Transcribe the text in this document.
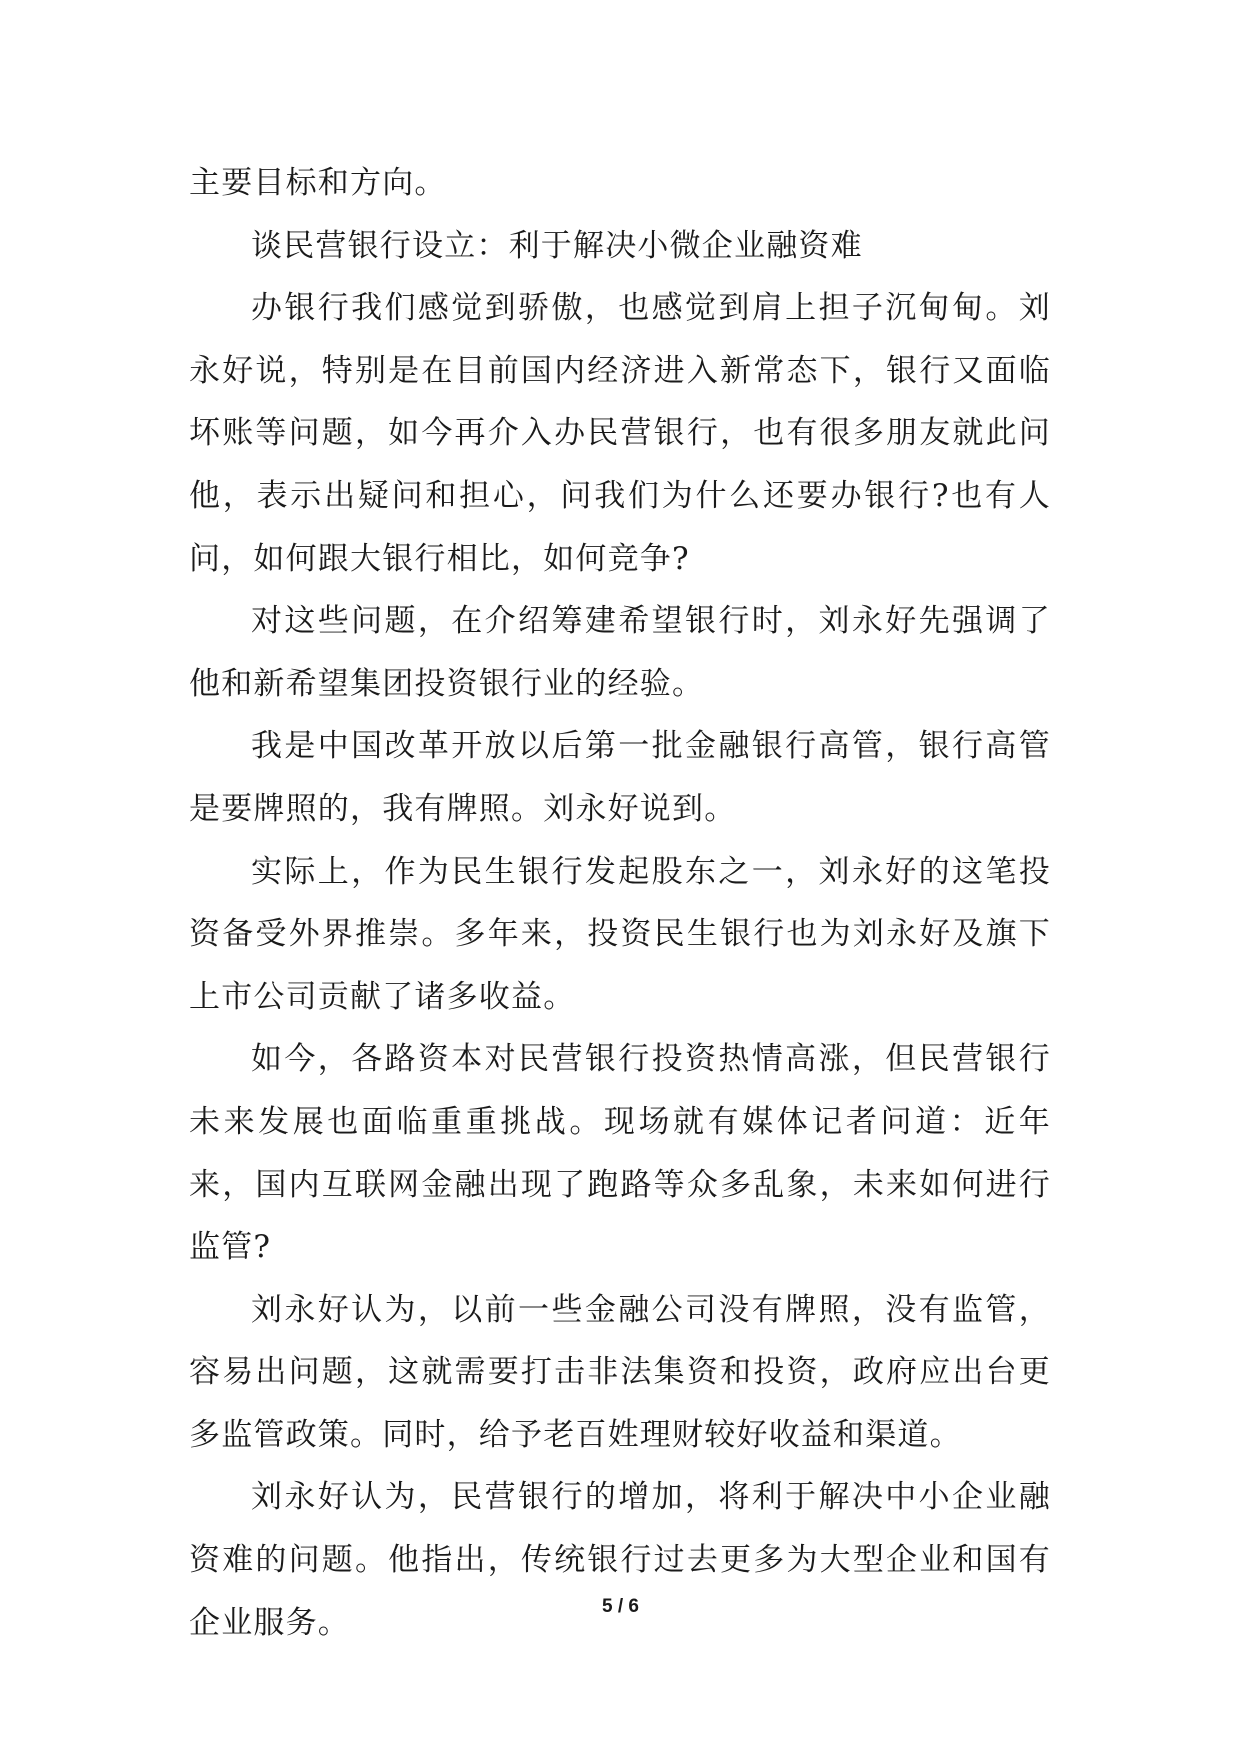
主要目标和方向。

谈民营银行设立：利于解决小微企业融资难

办银行我们感觉到骄傲，也感觉到肩上担子沉甸甸。刘永好说，特别是在目前国内经济进入新常态下，银行又面临坏账等问题，如今再介入办民营银行，也有很多朋友就此问他，表示出疑问和担心，问我们为什么还要办银行?也有人问，如何跟大银行相比，如何竞争?

对这些问题，在介绍筹建希望银行时，刘永好先强调了他和新希望集团投资银行业的经验。

我是中国改革开放以后第一批金融银行高管，银行高管是要牌照的，我有牌照。刘永好说到。

实际上，作为民生银行发起股东之一，刘永好的这笔投资备受外界推崇。多年来，投资民生银行也为刘永好及旗下上市公司贡献了诸多收益。

如今，各路资本对民营银行投资热情高涨，但民营银行未来发展也面临重重挑战。现场就有媒体记者问道：近年来，国内互联网金融出现了跑路等众多乱象，未来如何进行监管?

刘永好认为，以前一些金融公司没有牌照，没有监管，容易出问题，这就需要打击非法集资和投资，政府应出台更多监管政策。同时，给予老百姓理财较好收益和渠道。

刘永好认为，民营银行的增加，将利于解决中小企业融资难的问题。他指出，传统银行过去更多为大型企业和国有企业服务。	5 / 6
